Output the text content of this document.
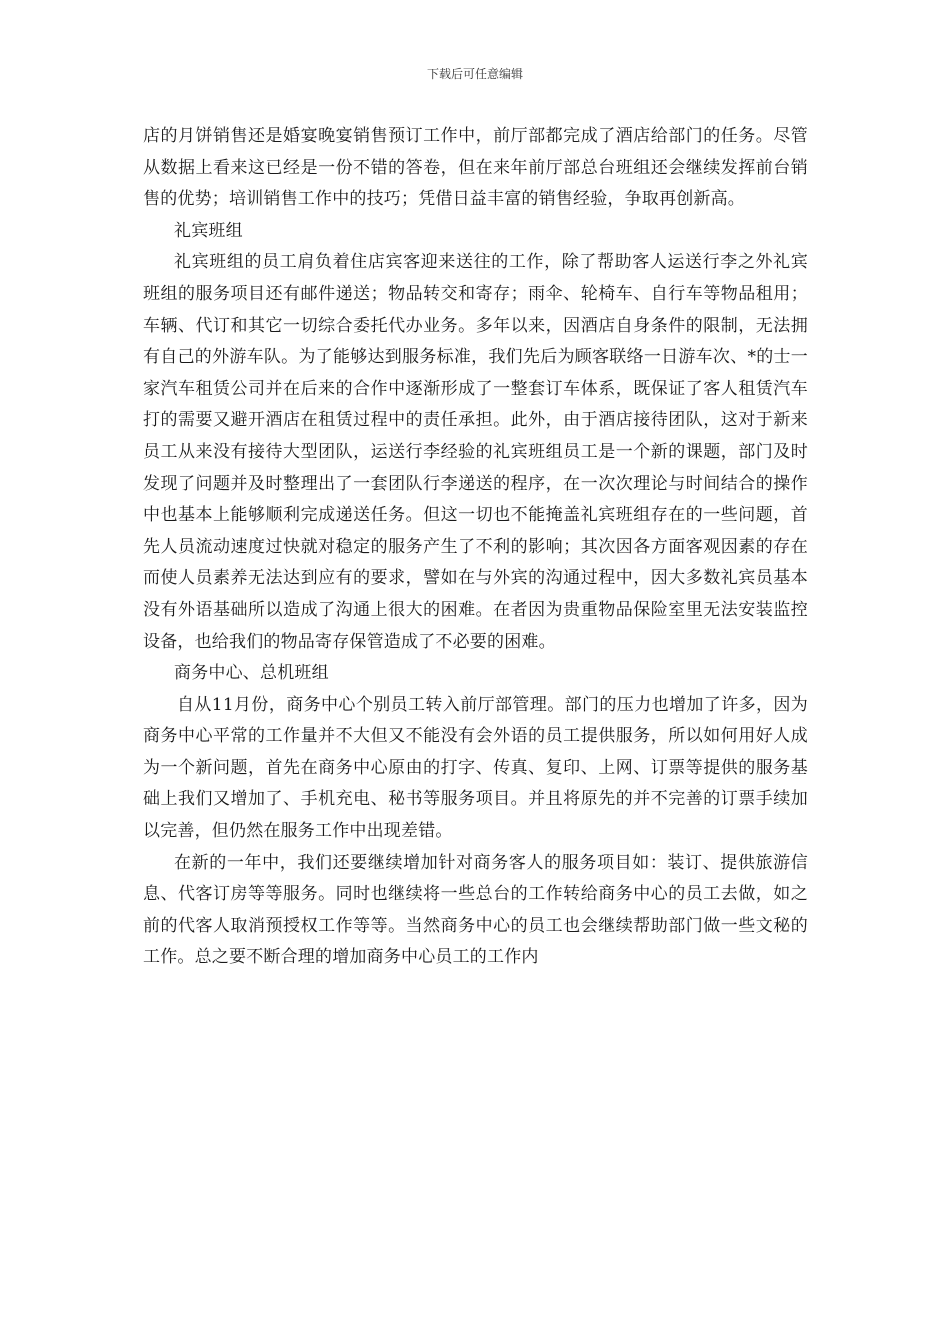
下载后可任意编辑

店的月饼销售还是婚宴晚宴销售预订工作中，前厅部都完成了酒店给部门的任务。尽管从数据上看来这已经是一份不错的答卷，但在来年前厅部总台班组还会继续发挥前台销售的优势；培训销售工作中的技巧；凭借日益丰富的销售经验，争取再创新高。

礼宾班组

礼宾班组的员工肩负着住店宾客迎来送往的工作，除了帮助客人运送行李之外礼宾班组的服务项目还有邮件递送；物品转交和寄存；雨伞、轮椅车、自行车等物品租用；车辆、代订和其它一切综合委托代办业务。多年以来，因酒店自身条件的限制，无法拥有自己的外游车队。为了能够达到服务标准，我们先后为顾客联络一日游车次、*的士一家汽车租赁公司并在后来的合作中逐渐形成了一整套订车体系，既保证了客人租赁汽车打的需要又避开酒店在租赁过程中的责任承担。此外，由于酒店接待团队，这对于新来员工从来没有接待大型团队，运送行李经验的礼宾班组员工是一个新的课题，部门及时发现了问题并及时整理出了一套团队行李递送的程序，在一次次理论与时间结合的操作中也基本上能够顺利完成递送任务。但这一切也不能掩盖礼宾班组存在的一些问题，首先人员流动速度过快就对稳定的服务产生了不利的影响；其次因各方面客观因素的存在而使人员素养无法达到应有的要求，譬如在与外宾的沟通过程中，因大多数礼宾员基本没有外语基础所以造成了沟通上很大的困难。在者因为贵重物品保险室里无法安装监控设备，也给我们的物品寄存保管造成了不必要的困难。

商务中心、总机班组

自从11月份，商务中心个别员工转入前厅部管理。部门的压力也增加了许多，因为商务中心平常的工作量并不大但又不能没有会外语的员工提供服务，所以如何用好人成为一个新问题，首先在商务中心原由的打字、传真、复印、上网、订票等提供的服务基础上我们又增加了、手机充电、秘书等服务项目。并且将原先的并不完善的订票手续加以完善，但仍然在服务工作中出现差错。

在新的一年中，我们还要继续增加针对商务客人的服务项目如：装订、提供旅游信息、代客订房等等服务。同时也继续将一些总台的工作转给商务中心的员工去做，如之前的代客人取消预授权工作等等。当然商务中心的员工也会继续帮助部门做一些文秘的工作。总之要不断合理的增加商务中心员工的工作内
